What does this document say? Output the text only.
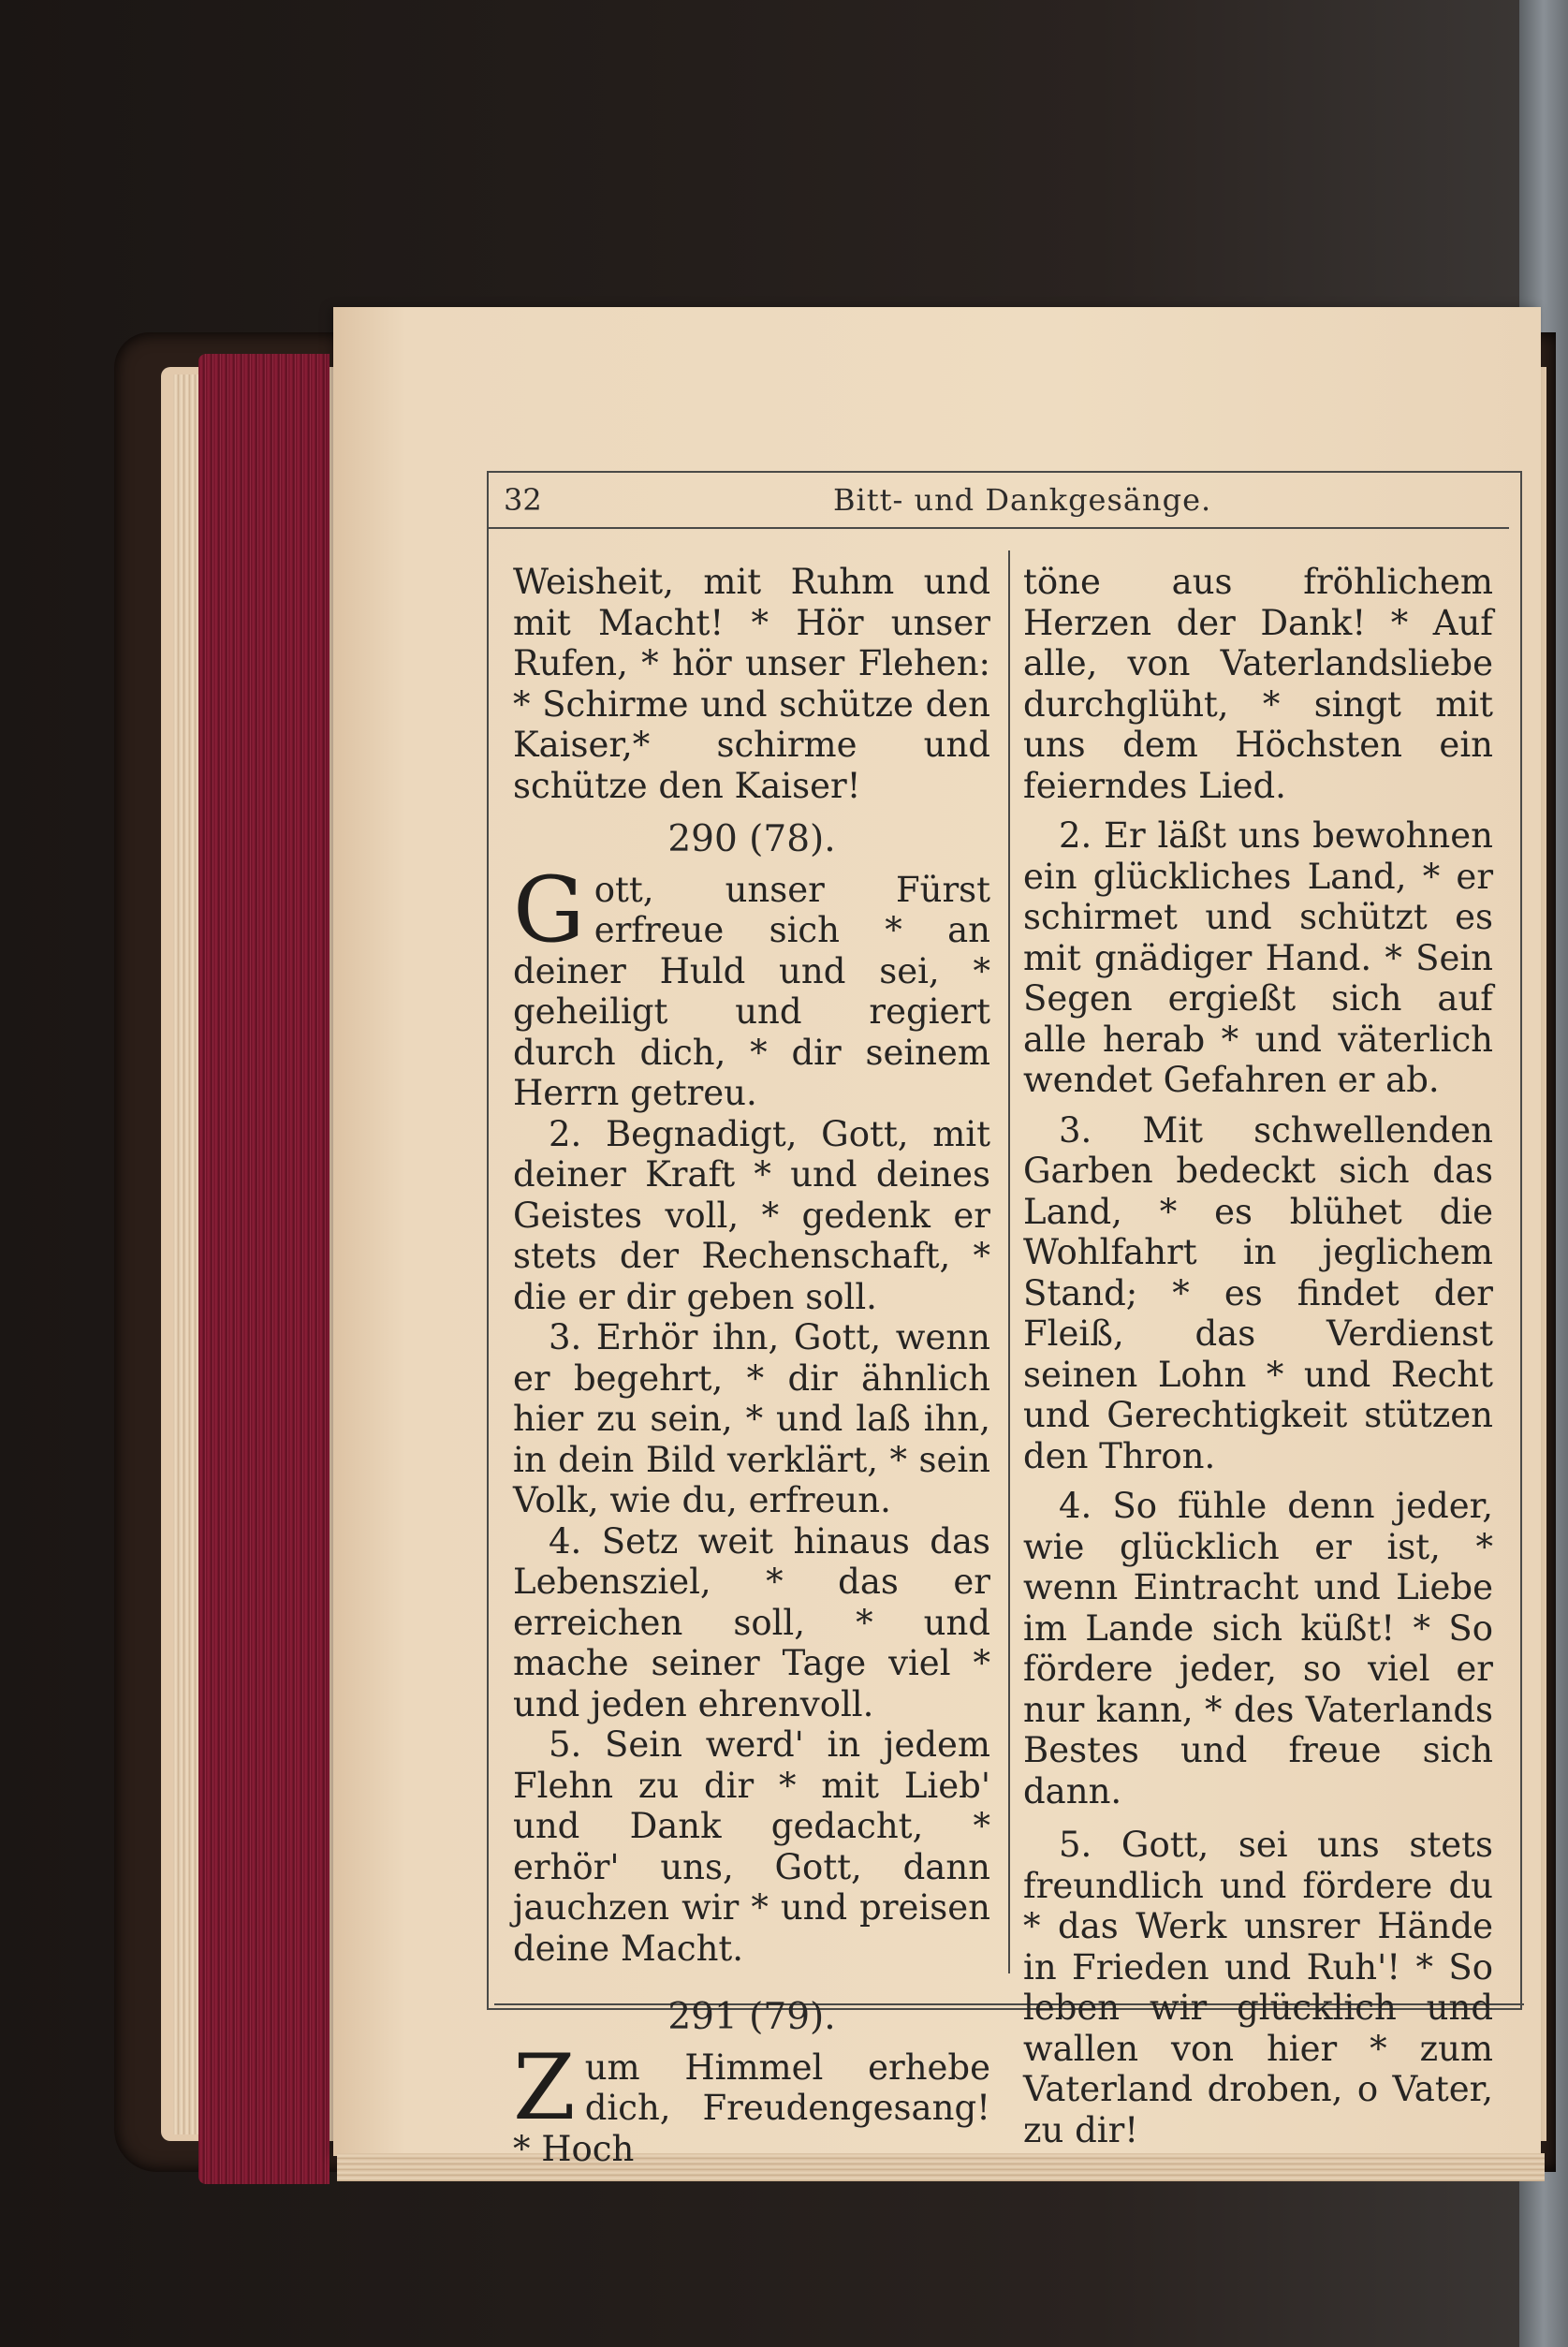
32	Bitt- und Dankgesänge.

Weisheit, mit Ruhm und mit Macht! * Hör unser Rufen, * hör unser Flehen: * Schirme und schütze den Kaiser,* schirme und schütze den Kaiser!

290 (78).

Gott, unser Fürst erfreue sich * an deiner Huld und sei, * geheiligt und regiert durch dich, * dir seinem Herrn getreu.

2. Begnadigt, Gott, mit deiner Kraft * und deines Geistes voll, * gedenk er stets der Rechenschaft, * die er dir geben soll.

3. Erhör ihn, Gott, wenn er begehrt, * dir ähnlich hier zu sein, * und laß ihn, in dein Bild verklärt, * sein Volk, wie du, erfreun.

4. Setz weit hinaus das Lebensziel, * das er erreichen soll, * und mache seiner Tage viel * und jeden ehrenvoll.

5. Sein werd' in jedem Flehn zu dir * mit Lieb' und Dank gedacht, * erhör' uns, Gott, dann jauchzen wir * und preisen deine Macht.

291 (79).

Zum Himmel erhebe dich, Freudengesang! * Hoch

töne aus fröhlichem Herzen der Dank! * Auf alle, von Vaterlandsliebe durchglüht, * singt mit uns dem Höchsten ein feierndes Lied.

2. Er läßt uns bewohnen ein glückliches Land, * er schirmet und schützt es mit gnädiger Hand. * Sein Segen ergießt sich auf alle herab * und väterlich wendet Gefahren er ab.

3. Mit schwellenden Garben bedeckt sich das Land, * es blühet die Wohlfahrt in jeglichem Stand; * es findet der Fleiß, das Verdienst seinen Lohn * und Recht und Gerechtigkeit stützen den Thron.

4. So fühle denn jeder, wie glücklich er ist, * wenn Eintracht und Liebe im Lande sich küßt! * So fördere jeder, so viel er nur kann, * des Vaterlands Bestes und freue sich dann.

5. Gott, sei uns stets freundlich und fördere du * das Werk unsrer Hände in Frieden und Ruh'! * So leben wir glücklich und wallen von hier * zum Vaterland droben, o Vater, zu dir!
